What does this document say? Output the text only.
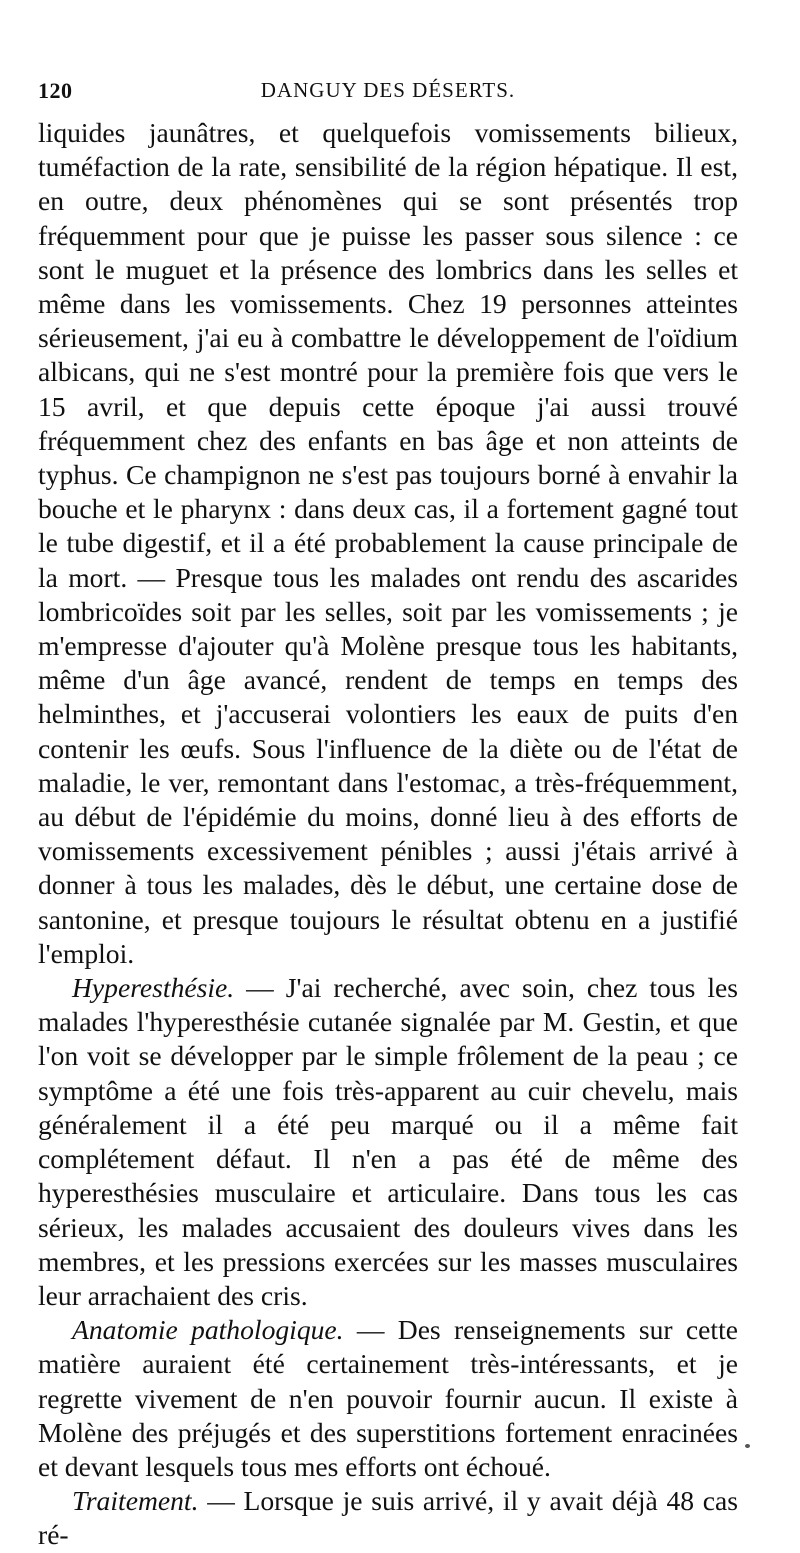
120	DANGUY DES DÉSERTS.

liquides jaunâtres, et quelquefois vomissements bilieux, tuméfaction de la rate, sensibilité de la région hépatique. Il est, en outre, deux phénomènes qui se sont présentés trop fréquemment pour que je puisse les passer sous silence : ce sont le muguet et la présence des lombrics dans les selles et même dans les vomissements. Chez 19 personnes atteintes sérieusement, j'ai eu à combattre le développement de l'oïdium albicans, qui ne s'est montré pour la première fois que vers le 15 avril, et que depuis cette époque j'ai aussi trouvé fréquemment chez des enfants en bas âge et non atteints de typhus. Ce champignon ne s'est pas toujours borné à envahir la bouche et le pharynx : dans deux cas, il a fortement gagné tout le tube digestif, et il a été probablement la cause principale de la mort. — Presque tous les malades ont rendu des ascarides lombricoïdes soit par les selles, soit par les vomissements ; je m'empresse d'ajouter qu'à Molène presque tous les habitants, même d'un âge avancé, rendent de temps en temps des helminthes, et j'accuserai volontiers les eaux de puits d'en contenir les œufs. Sous l'influence de la diète ou de l'état de maladie, le ver, remontant dans l'estomac, a très-fréquemment, au début de l'épidémie du moins, donné lieu à des efforts de vomissements excessivement pénibles ; aussi j'étais arrivé à donner à tous les malades, dès le début, une certaine dose de santonine, et presque toujours le résultat obtenu en a justifié l'emploi.

Hyperesthésie. — J'ai recherché, avec soin, chez tous les malades l'hyperesthésie cutanée signalée par M. Gestin, et que l'on voit se développer par le simple frôlement de la peau ; ce symptôme a été une fois très-apparent au cuir chevelu, mais généralement il a été peu marqué ou il a même fait complétement défaut. Il n'en a pas été de même des hyperesthésies musculaire et articulaire. Dans tous les cas sérieux, les malades accusaient des douleurs vives dans les membres, et les pressions exercées sur les masses musculaires leur arrachaient des cris.

Anatomie pathologique. — Des renseignements sur cette matière auraient été certainement très-intéressants, et je regrette vivement de n'en pouvoir fournir aucun. Il existe à Molène des préjugés et des superstitions fortement enracinées et devant lesquels tous mes efforts ont échoué.

Traitement. — Lorsque je suis arrivé, il y avait déjà 48 cas ré-
